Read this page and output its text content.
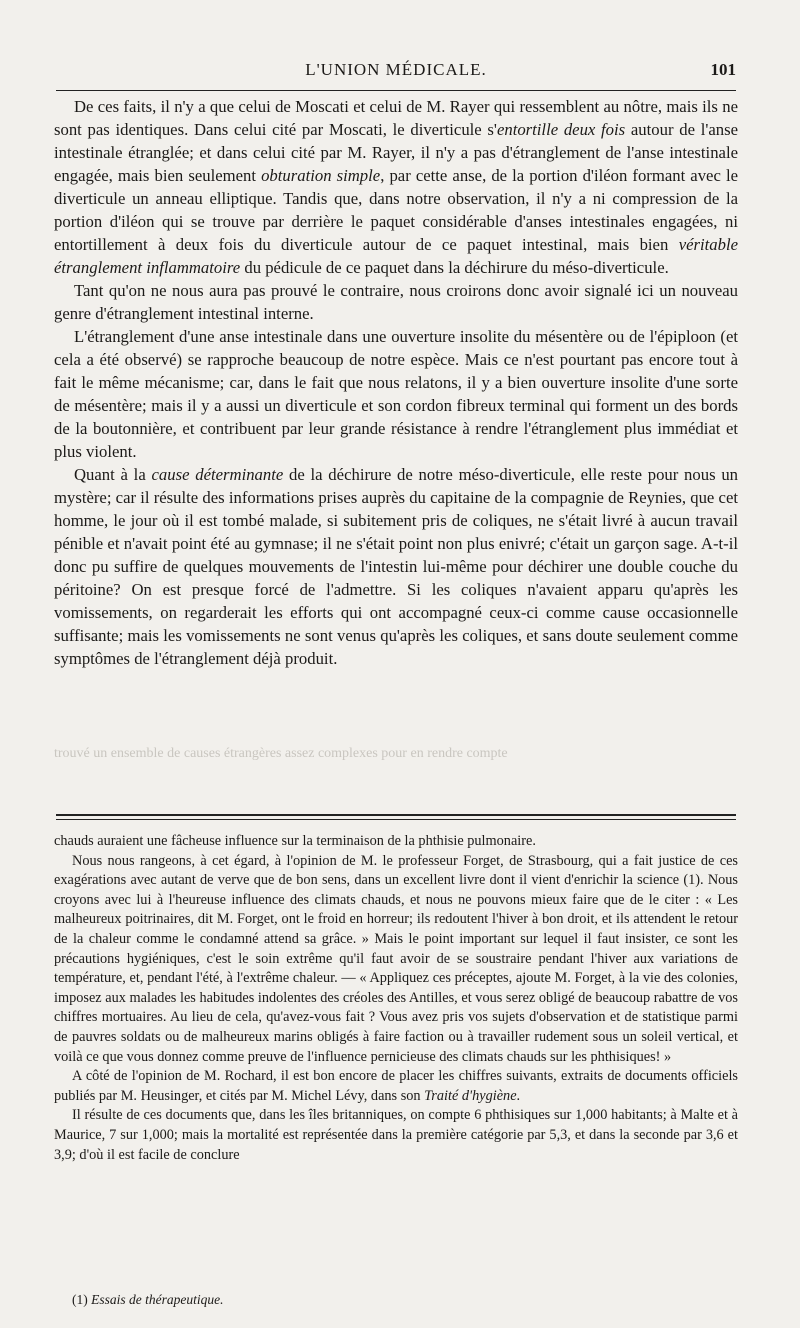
L'UNION MÉDICALE.	101

De ces faits, il n'y a que celui de Moscati et celui de M. Rayer qui ressemblent au nôtre, mais ils ne sont pas identiques. Dans celui cité par Moscati, le diverticule s'entortille deux fois autour de l'anse intestinale étranglée; et dans celui cité par M. Rayer, il n'y a pas d'étranglement de l'anse intestinale engagée, mais bien seulement obturation simple, par cette anse, de la portion d'iléon formant avec le diverticule un anneau elliptique. Tandis que, dans notre observation, il n'y a ni compression de la portion d'iléon qui se trouve par derrière le paquet considérable d'anses intestinales engagées, ni entortillement à deux fois du diverticule autour de ce paquet intestinal, mais bien véritable étranglement inflammatoire du pédicule de ce paquet dans la déchirure du méso-diverticule.

Tant qu'on ne nous aura pas prouvé le contraire, nous croirons donc avoir signalé ici un nouveau genre d'étranglement intestinal interne.

L'étranglement d'une anse intestinale dans une ouverture insolite du mésentère ou de l'épiploon (et cela a été observé) se rapproche beaucoup de notre espèce. Mais ce n'est pourtant pas encore tout à fait le même mécanisme; car, dans le fait que nous relatons, il y a bien ouverture insolite d'une sorte de mésentère; mais il y a aussi un diverticule et son cordon fibreux terminal qui forment un des bords de la boutonnière, et contribuent par leur grande résistance à rendre l'étranglement plus immédiat et plus violent.

Quant à la cause déterminante de la déchirure de notre méso-diverticule, elle reste pour nous un mystère; car il résulte des informations prises auprès du capitaine de la compagnie de Reynies, que cet homme, le jour où il est tombé malade, si subitement pris de coliques, ne s'était livré à aucun travail pénible et n'avait point été au gymnase; il ne s'était point non plus enivré; c'était un garçon sage. A-t-il donc pu suffire de quelques mouvements de l'intestin lui-même pour déchirer une double couche du péritoine? On est presque forcé de l'admettre. Si les coliques n'avaient apparu qu'après les vomissements, on regarderait les efforts qui ont accompagné ceux-ci comme cause occasionnelle suffisante; mais les vomissements ne sont venus qu'après les coliques, et sans doute seulement comme symptômes de l'étranglement déjà produit.

trouvé un ensemble de causes étrangères assez complexes pour en rendre compte

chauds auraient une fâcheuse influence sur la terminaison de la phthisie pulmonaire.

Nous nous rangeons, à cet égard, à l'opinion de M. le professeur Forget, de Strasbourg, qui a fait justice de ces exagérations avec autant de verve que de bon sens, dans un excellent livre dont il vient d'enrichir la science (1). Nous croyons avec lui à l'heureuse influence des climats chauds, et nous ne pouvons mieux faire que de le citer : « Les malheureux poitrinaires, dit M. Forget, ont le froid en horreur; ils redoutent l'hiver à bon droit, et ils attendent le retour de la chaleur comme le condamné attend sa grâce. » Mais le point important sur lequel il faut insister, ce sont les précautions hygiéniques, c'est le soin extrême qu'il faut avoir de se soustraire pendant l'hiver aux variations de température, et, pendant l'été, à l'extrême chaleur. — « Appliquez ces préceptes, ajoute M. Forget, à la vie des colonies, imposez aux malades les habitudes indolentes des créoles des Antilles, et vous serez obligé de beaucoup rabattre de vos chiffres mortuaires. Au lieu de cela, qu'avez-vous fait ? Vous avez pris vos sujets d'observation et de statistique parmi de pauvres soldats ou de malheureux marins obligés à faire faction ou à travailler rudement sous un soleil vertical, et voilà ce que vous donnez comme preuve de l'influence pernicieuse des climats chauds sur les phthisiques! »

A côté de l'opinion de M. Rochard, il est bon encore de placer les chiffres suivants, extraits de documents officiels publiés par M. Heusinger, et cités par M. Michel Lévy, dans son Traité d'hygiène.

Il résulte de ces documents que, dans les îles britanniques, on compte 6 phthisiques sur 1,000 habitants; à Malte et à Maurice, 7 sur 1,000; mais la mortalité est représentée dans la première catégorie par 5,3, et dans la seconde par 3,6 et 3,9; d'où il est facile de conclure

(1) Essais de thérapeutique.
